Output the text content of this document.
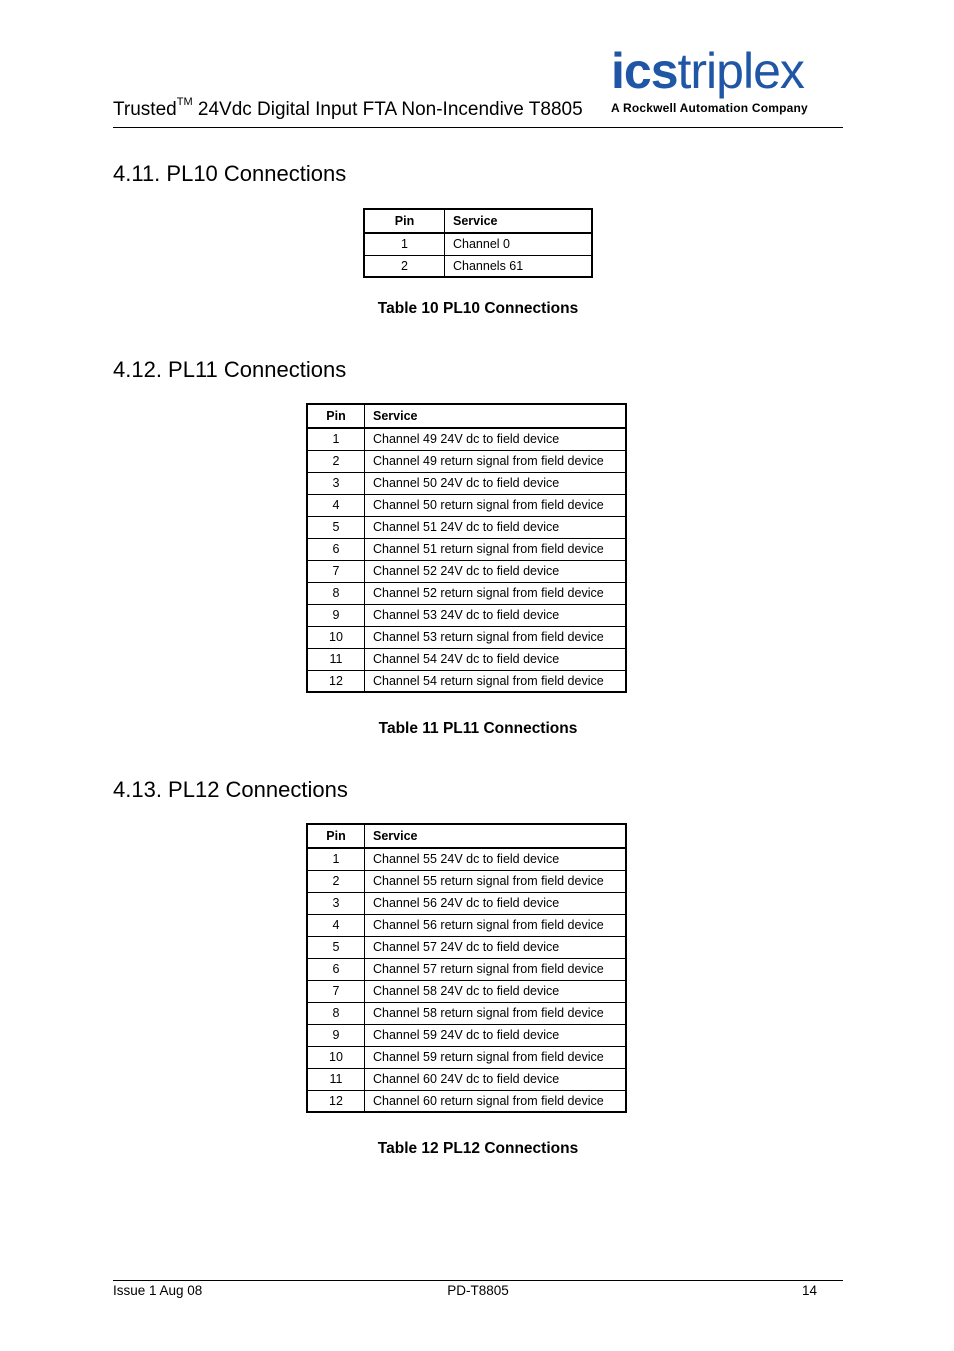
Trusted™ 24Vdc Digital Input FTA Non-Incendive T8805
icstriplex
A Rockwell Automation Company
4.11. PL10 Connections
Pin	Service
1	Channel 0
2	Channels 61
Table 10 PL10 Connections
4.12. PL11 Connections
Pin	Service
1	Channel 49 24V dc to field device
2	Channel 49 return signal from field device
3	Channel 50 24V dc to field device
4	Channel 50 return signal from field device
5	Channel 51 24V dc to field device
6	Channel 51 return signal from field device
7	Channel 52 24V dc to field device
8	Channel 52 return signal from field device
9	Channel 53 24V dc to field device
10	Channel 53 return signal from field device
11	Channel 54 24V dc to field device
12	Channel 54 return signal from field device
Table 11 PL11 Connections
4.13. PL12 Connections
Pin	Service
1	Channel 55 24V dc to field device
2	Channel 55 return signal from field device
3	Channel 56 24V dc to field device
4	Channel 56 return signal from field device
5	Channel 57 24V dc to field device
6	Channel 57 return signal from field device
7	Channel 58 24V dc to field device
8	Channel 58 return signal from field device
9	Channel 59 24V dc to field device
10	Channel 59 return signal from field device
11	Channel 60 24V dc to field device
12	Channel 60 return signal from field device
Table 12 PL12 Connections
Issue 1 Aug 08	PD-T8805	14
